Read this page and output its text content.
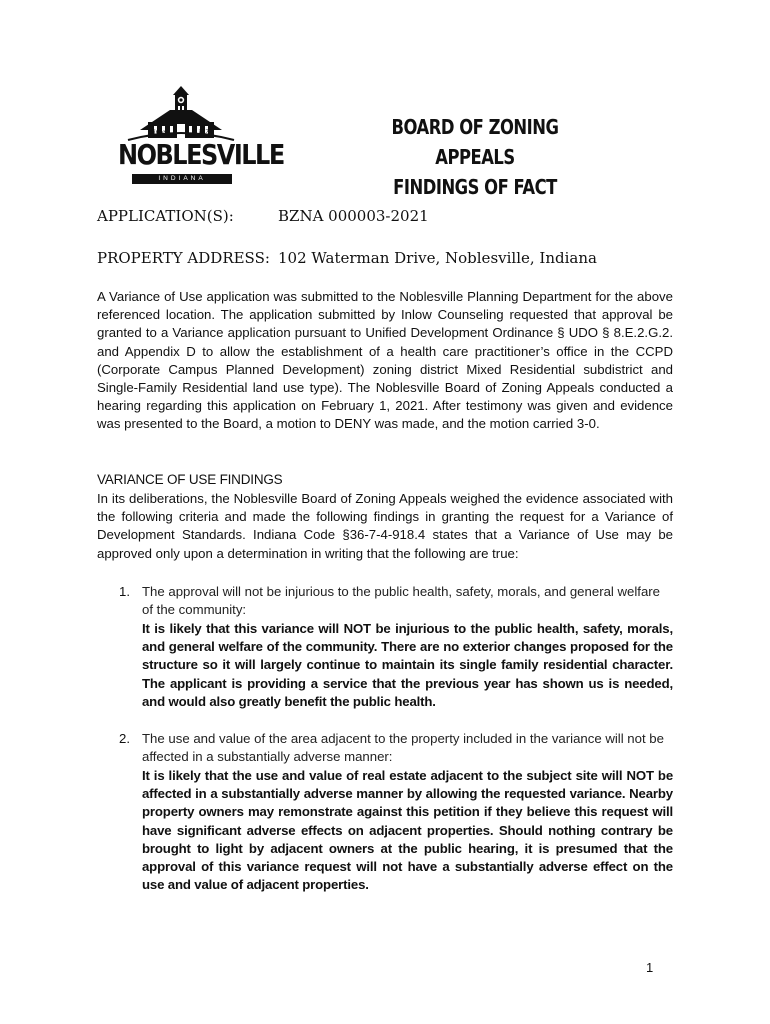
Since	1823
NOBLESVILLE
INDIANA
BOARD OF ZONING APPEALS
FINDINGS OF FACT
APPLICATION(S):	BZNA 000003-2021
PROPERTY ADDRESS: 102 Waterman Drive, Noblesville, Indiana
A Variance of Use application was submitted to the Noblesville Planning Department for the above referenced location. The application submitted by Inlow Counseling requested that approval be granted to a Variance application pursuant to Unified Development Ordinance § UDO § 8.E.2.G.2. and Appendix D to allow the establishment of a health care practitioner’s office in the CCPD (Corporate Campus Planned Development) zoning district Mixed Residential subdistrict and Single-Family Residential land use type). The Noblesville Board of Zoning Appeals conducted a hearing regarding this application on February 1, 2021. After testimony was given and evidence was presented to the Board, a motion to DENY was made, and the motion carried 3-0.
VARIANCE OF USE FINDINGS
In its deliberations, the Noblesville Board of Zoning Appeals weighed the evidence associated with the following criteria and made the following findings in granting the request for a Variance of Development Standards. Indiana Code §36-7-4-918.4 states that a Variance of Use may be approved only upon a determination in writing that the following are true:
1. The approval will not be injurious to the public health, safety, morals, and general welfare of the community:
It is likely that this variance will NOT be injurious to the public health, safety, morals, and general welfare of the community. There are no exterior changes proposed for the structure so it will largely continue to maintain its single family residential character. The applicant is providing a service that the previous year has shown us is needed, and would also greatly benefit the public health.
2. The use and value of the area adjacent to the property included in the variance will not be affected in a substantially adverse manner:
It is likely that the use and value of real estate adjacent to the subject site will NOT be affected in a substantially adverse manner by allowing the requested variance. Nearby property owners may remonstrate against this petition if they believe this request will have significant adverse effects on adjacent properties. Should nothing contrary be brought to light by adjacent owners at the public hearing, it is presumed that the approval of this variance request will not have a substantially adverse effect on the use and value of adjacent properties.
1
